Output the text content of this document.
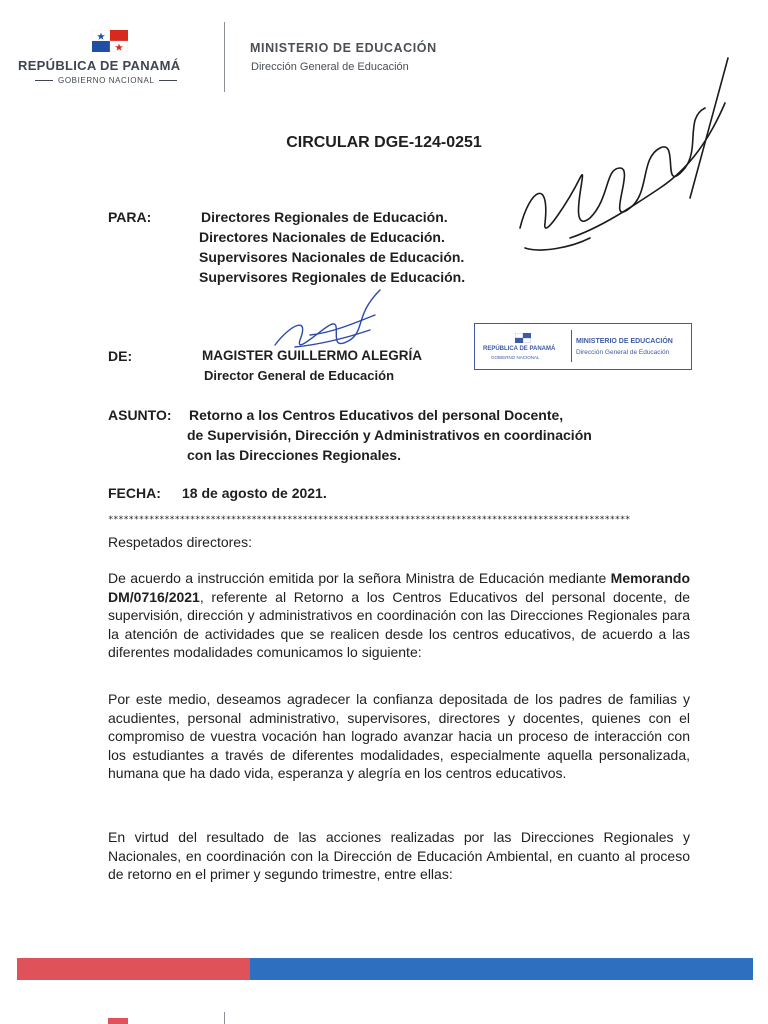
REPÚBLICA DE PANAMÁ
GOBIERNO NACIONAL
MINISTERIO DE EDUCACIÓN
Dirección General de Educación
CIRCULAR DGE-124-0251
PARA:	Directores Regionales de Educación.
Directores Nacionales de Educación.
Supervisores Nacionales de Educación.
Supervisores Regionales de Educación.
DE:	MAGISTER GUILLERMO ALEGRÍA
Director General de Educación
REPÚBLICA DE PANAMÁ
GOBIERNO NACIONAL
MINISTERIO DE EDUCACIÓN
Dirección General de Educación
ASUNTO: Retorno a los Centros Educativos del personal Docente,
de Supervisión, Dirección y Administrativos en coordinación
con las Direcciones Regionales.
FECHA: 18 de agosto de 2021.
******************************************************************************************************
Respetados directores:
De acuerdo a instrucción emitida por la señora Ministra de Educación mediante Memorando DM/0716/2021, referente al Retorno a los Centros Educativos del personal docente, de supervisión, dirección y administrativos en coordinación con las Direcciones Regionales para la atención de actividades que se realicen desde los centros educativos, de acuerdo a las diferentes modalidades comunicamos lo siguiente:
Por este medio, deseamos agradecer la confianza depositada de los padres de familias y acudientes, personal administrativo, supervisores, directores y docentes, quienes con el compromiso de vuestra vocación han logrado avanzar hacia un proceso de interacción con los estudiantes a través de diferentes modalidades, especialmente aquella personalizada, humana que ha dado vida, esperanza y alegría en los centros educativos.
En virtud del resultado de las acciones realizadas por las Direcciones Regionales y Nacionales, en coordinación con la Dirección de Educación Ambiental, en cuanto al proceso de retorno en el primer y segundo trimestre, entre ellas:
